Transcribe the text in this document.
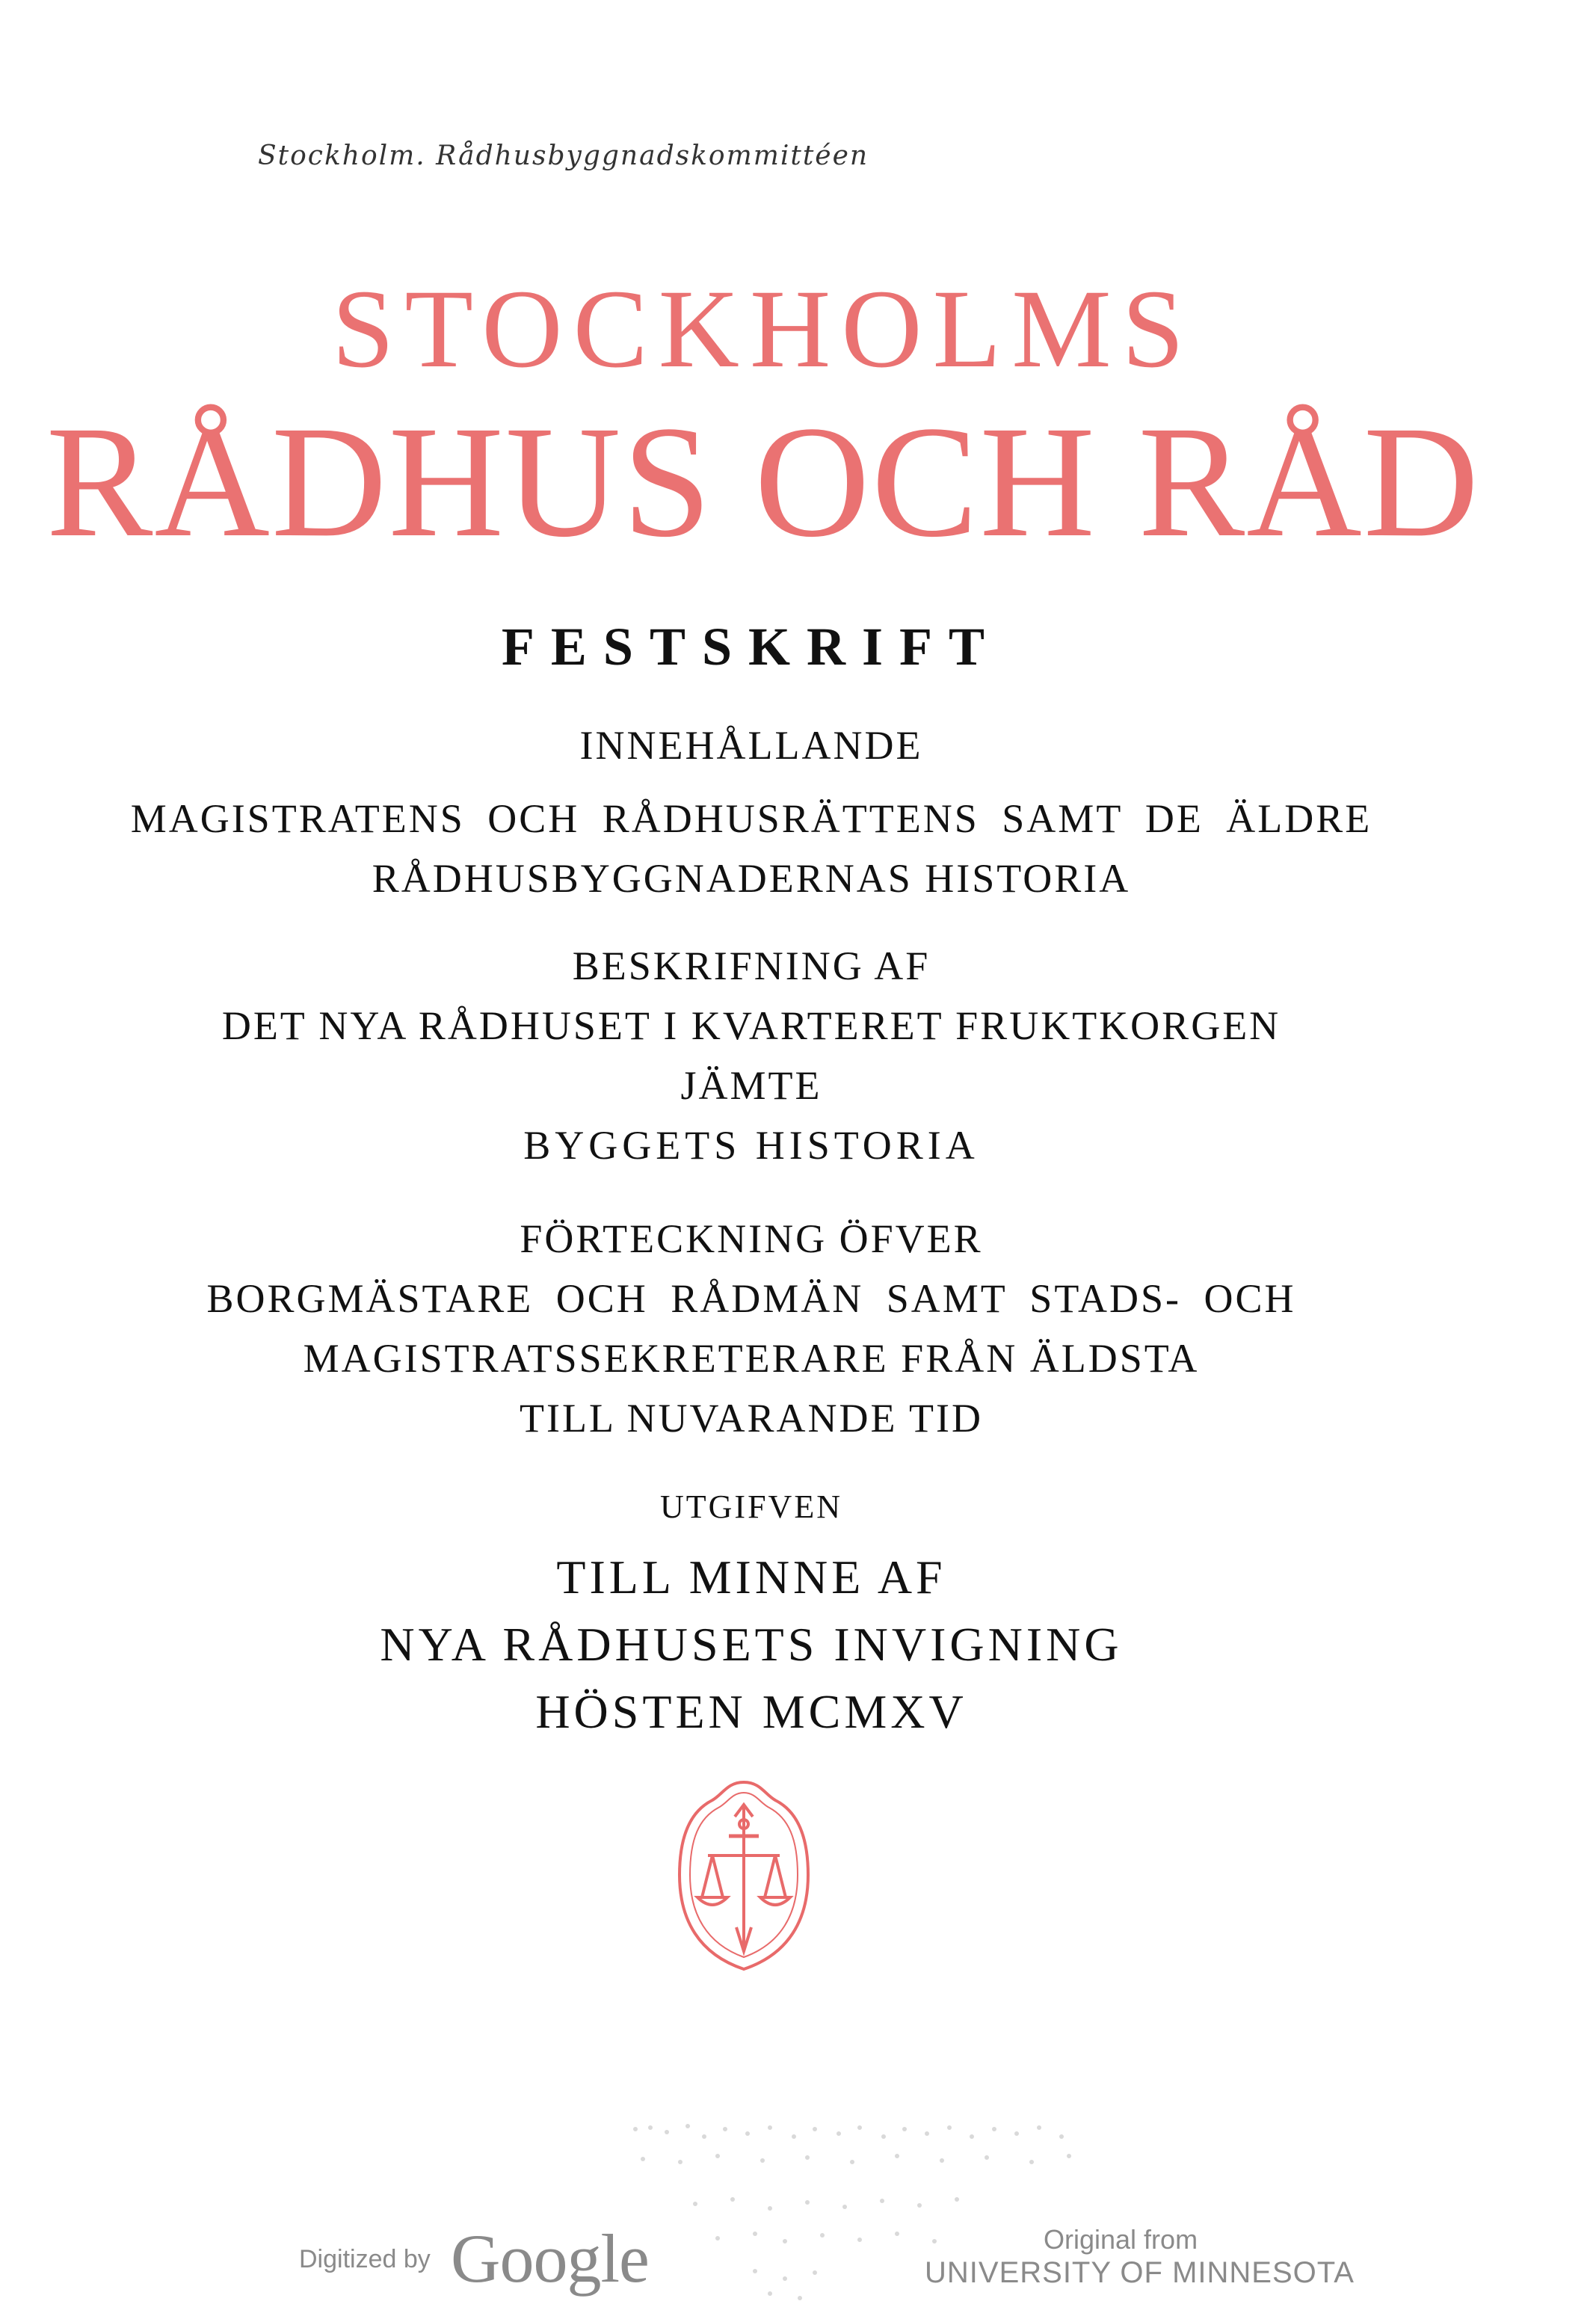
Stockholm. Rådhusbyggnadskommittéen
STOCKHOLMS
RÅDHUS OCH RÅD
FESTSKRIFT
INNEHÅLLANDE
MAGISTRATENS OCH RÅDHUSRÄTTENS SAMT DE ÄLDRE
RÅDHUSBYGGNADERNAS HISTORIA
BESKRIFNING AF
DET NYA RÅDHUSET I KVARTERET FRUKTKORGEN
JÄMTE
BYGGETS HISTORIA
FÖRTECKNING ÖFVER
BORGMÄSTARE OCH RÅDMÄN SAMT STADS- OCH
MAGISTRATSSEKRETERARE FRÅN ÄLDSTA
TILL NUVARANDE TID
UTGIFVEN
TILL MINNE AF
NYA RÅDHUSETS INVIGNING
HÖSTEN MCMXV
Digitized by Google	Original from
UNIVERSITY OF MINNESOTA
